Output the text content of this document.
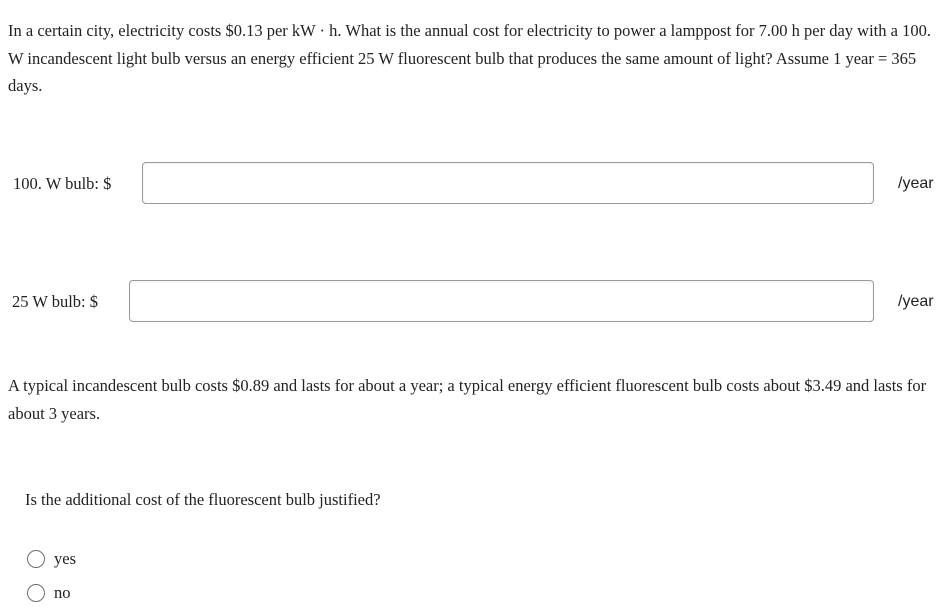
In a certain city, electricity costs $0.13 per kW · h. What is the annual cost for electricity to power a lamppost for 7.00 h per day with a 100. W incandescent light bulb versus an energy efficient 25 W fluorescent bulb that produces the same amount of light? Assume 1 year = 365 days.

100. W bulb: $	/year
25 W bulb: $	/year

A typical incandescent bulb costs $0.89 and lasts for about a year; a typical energy efficient fluorescent bulb costs about $3.49 and lasts for about 3 years.

Is the additional cost of the fluorescent bulb justified?

yes
no
